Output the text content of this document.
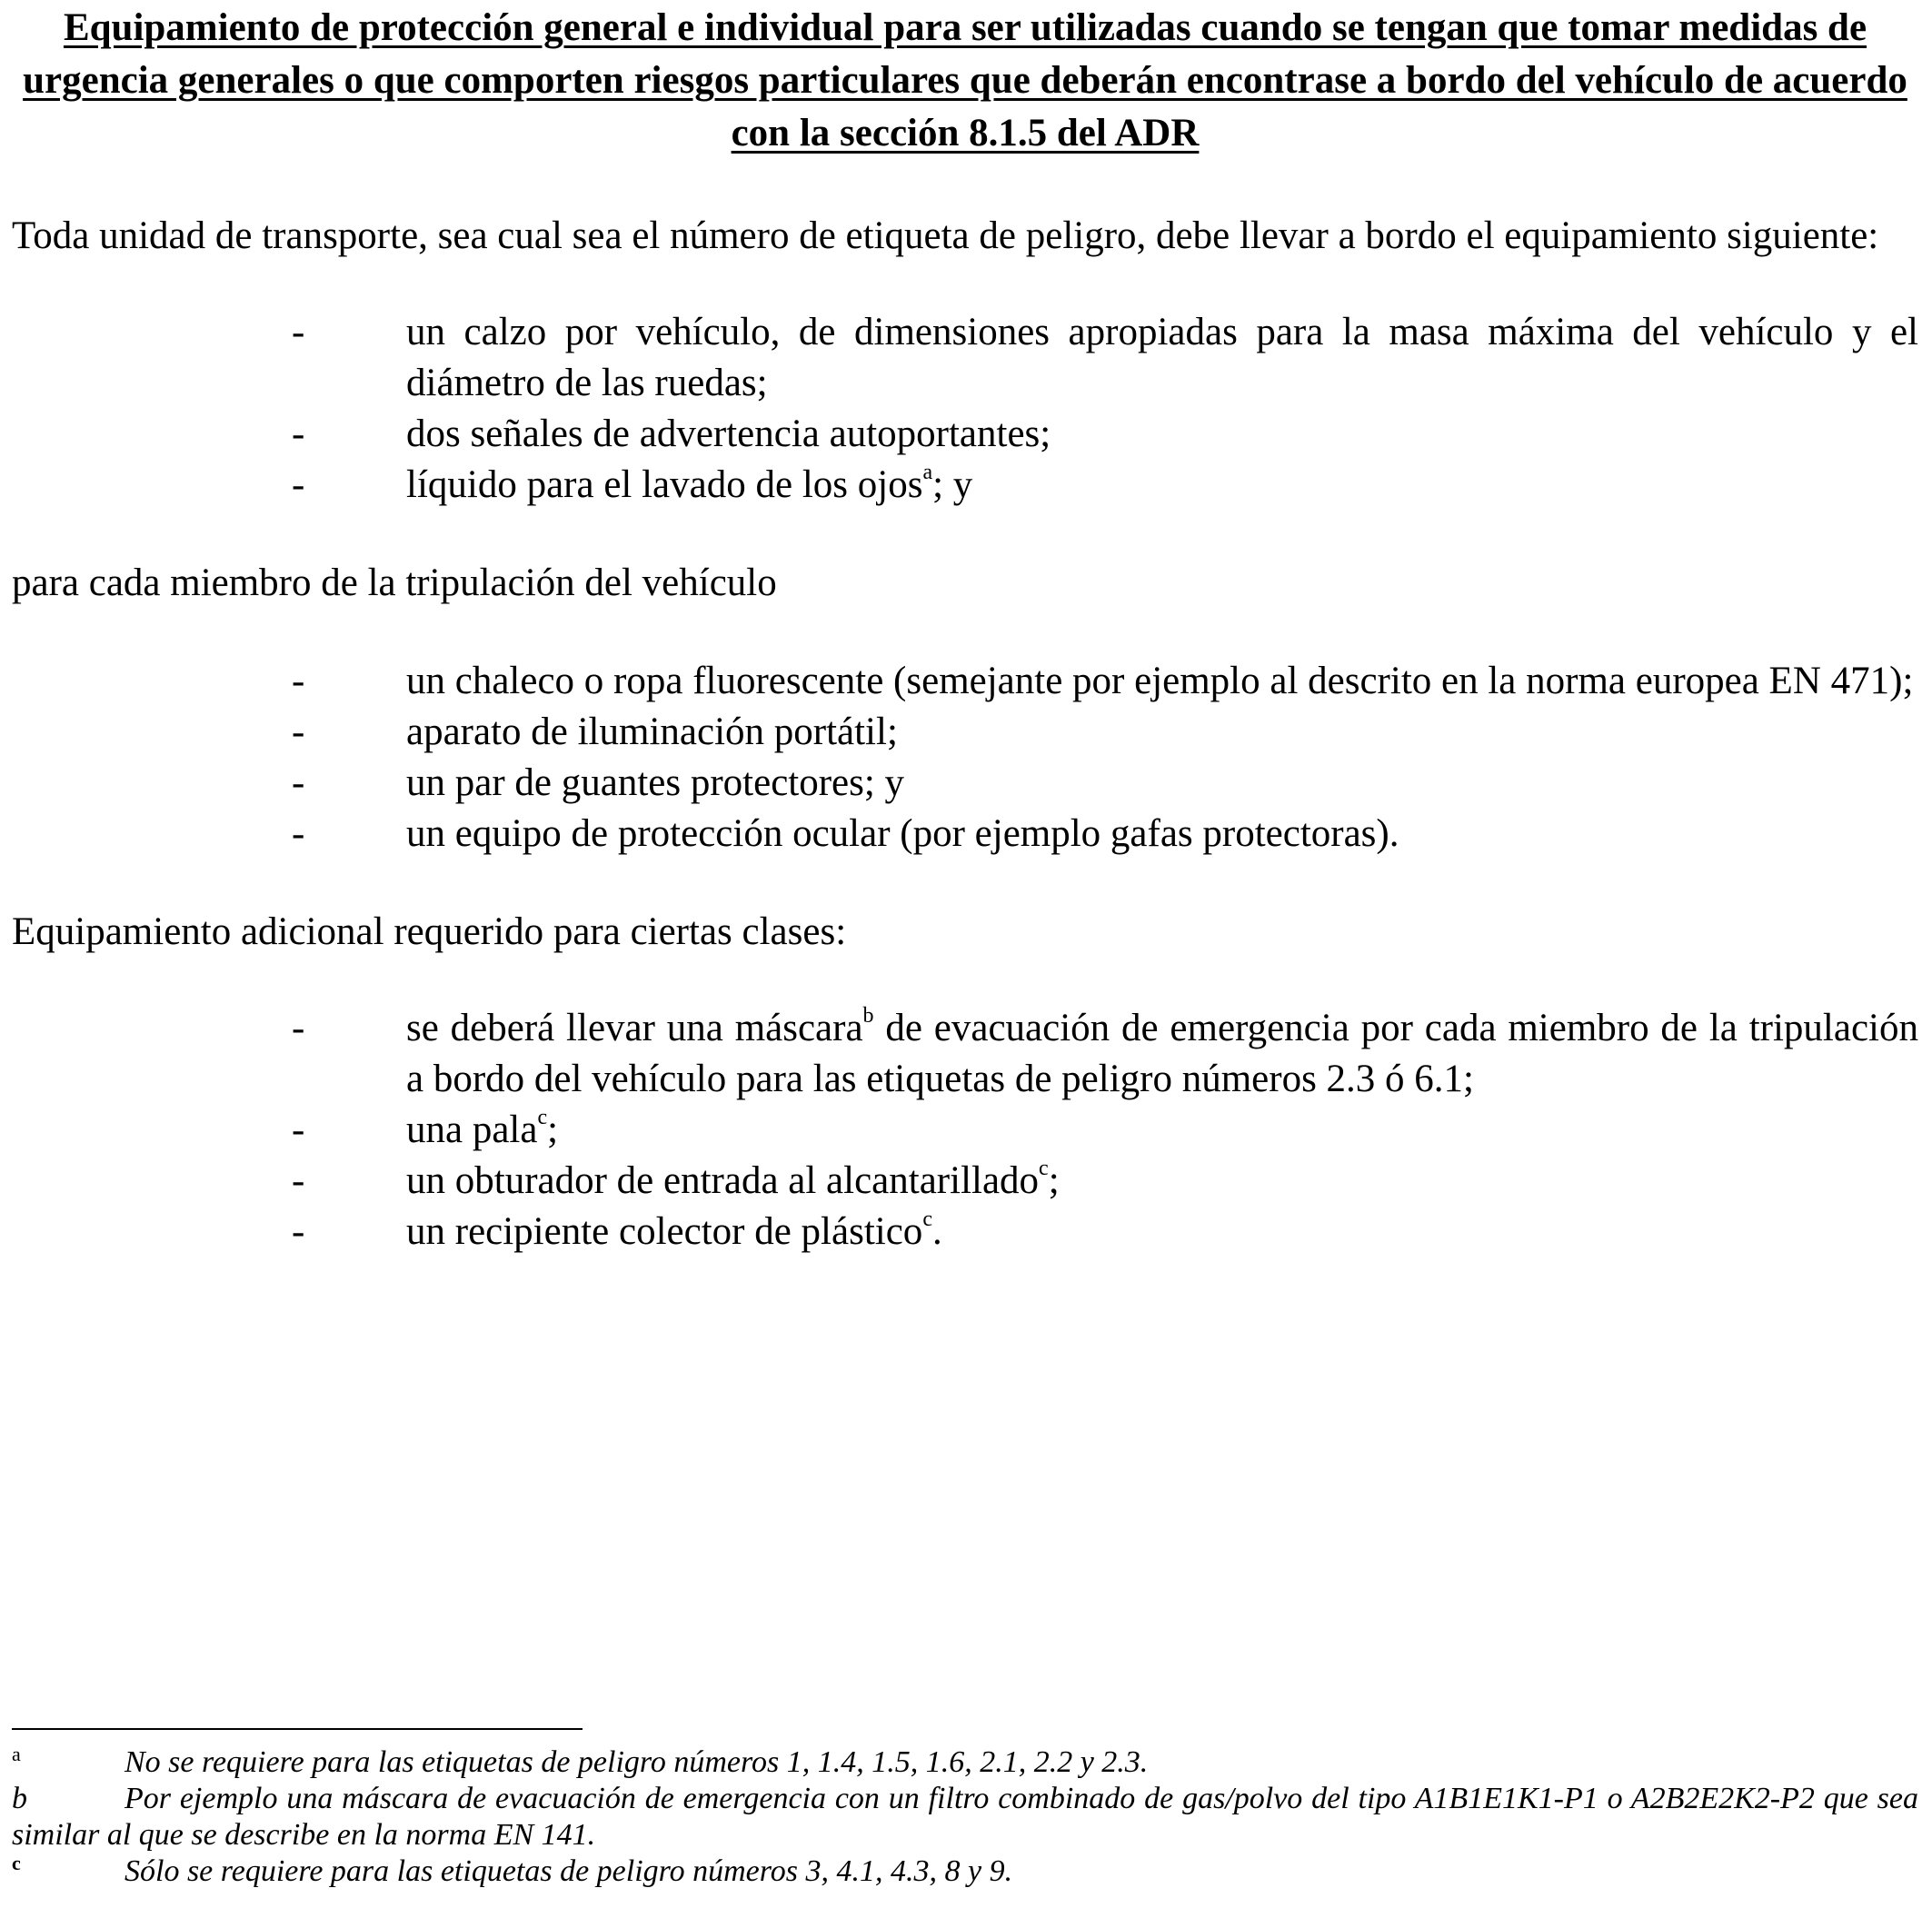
Equipamiento de protección general e individual para ser utilizadas cuando se tengan que tomar medidas de urgencia generales o que comporten riesgos particulares que deberán encontrase a bordo del vehículo de acuerdo con la sección 8.1.5 del ADR

Toda unidad de transporte, sea cual sea el número de etiqueta de peligro, debe llevar a bordo el equipamiento siguiente:

-	un calzo por vehículo, de dimensiones apropiadas para la masa máxima del vehículo y el diámetro de las ruedas;
-	dos señales de advertencia autoportantes;
-	líquido para el lavado de los ojos$^a$; y

para cada miembro de la tripulación del vehículo

-	un chaleco o ropa fluorescente (semejante por ejemplo al descrito en la norma europea EN 471);
-	aparato de iluminación portátil;
-	un par de guantes protectores; y
-	un equipo de protección ocular (por ejemplo gafas protectoras).

Equipamiento adicional requerido para ciertas clases:

-	se deberá llevar una máscara$^b$ de evacuación de emergencia por cada miembro de la tripulación a bordo del vehículo para las etiquetas de peligro números 2.3 ó 6.1;
-	una pala$^c$;
-	un obturador de entrada al alcantarillado$^c$;
-	un recipiente colector de plástico$^c$.

a	No se requiere para las etiquetas de peligro números 1, 1.4, 1.5, 1.6, 2.1, 2.2 y 2.3.

b	Por ejemplo una máscara de evacuación de emergencia con un filtro combinado de gas/polvo del tipo A1B1E1K1-P1 o A2B2E2K2-P2 que sea similar al que se describe en la norma EN 141.

c	Sólo se requiere para las etiquetas de peligro números 3, 4.1, 4.3, 8 y 9.
